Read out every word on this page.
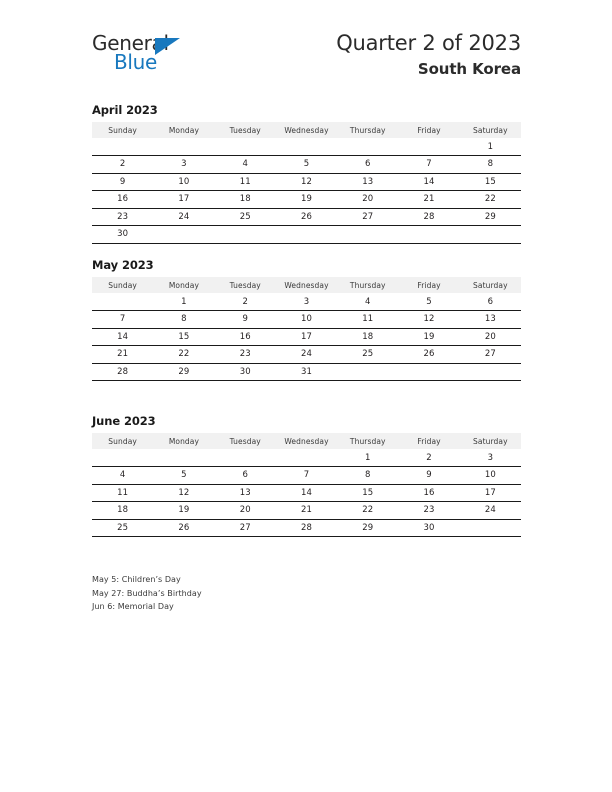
General
Blue
Quarter 2 of 2023
South Korea
April 2023
Sunday	Monday	Tuesday	Wednesday	Thursday	Friday	Saturday
						1
2	3	4	5	6	7	8
9	10	11	12	13	14	15
16	17	18	19	20	21	22
23	24	25	26	27	28	29
30						
May 2023
Sunday	Monday	Tuesday	Wednesday	Thursday	Friday	Saturday
	1	2	3	4	5	6
7	8	9	10	11	12	13
14	15	16	17	18	19	20
21	22	23	24	25	26	27
28	29	30	31			
June 2023
Sunday	Monday	Tuesday	Wednesday	Thursday	Friday	Saturday
				1	2	3
4	5	6	7	8	9	10
11	12	13	14	15	16	17
18	19	20	21	22	23	24
25	26	27	28	29	30	
May 5: Children’s Day
May 27: Buddha’s Birthday
Jun 6: Memorial Day
